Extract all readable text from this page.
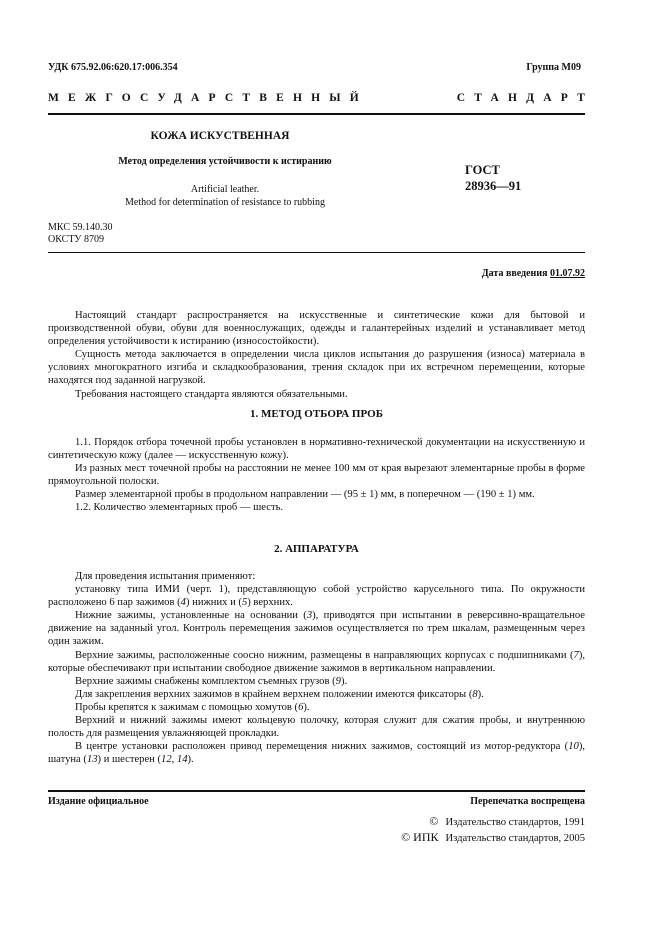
УДК 675.92.06:620.17:006.354	Группа М09
МЕЖГОСУДАРСТВЕННЫЙ	СТАНДАРТ
КОЖА ИСКУСТВЕННАЯ
Метод определения устойчивости к истиранию
Artificial leather.
Method for determination of resistance to rubbing
ГОСТ
28936—91
МКС 59.140.30
ОКСТУ 8709
Дата введения 01.07.92

Настоящий стандарт распространяется на искусственные и синтетические кожи для бытовой и производственной обуви, обуви для военнослужащих, одежды и галантерейных изделий и устанавливает метод определения устойчивости к истиранию (износостойкости).

Сущность метода заключается в определении числа циклов испытания до разрушения (износа) материала в условиях многократного изгиба и складкообразования, трения складок при их встречном перемещении, которые находятся под заданной нагрузкой.

Требования настоящего стандарта являются обязательными.

1. МЕТОД ОТБОРА ПРОБ

1.1. Порядок отбора точечной пробы установлен в нормативно-технической документации на искусственную и синтетическую кожу (далее — искусственную кожу).

Из разных мест точечной пробы на расстоянии не менее 100 мм от края вырезают элементарные пробы в форме прямоугольной полоски.

Размер элементарной пробы в продольном направлении — (95 ± 1) мм, в поперечном — (190 ± 1) мм.

1.2. Количество элементарных проб — шесть.

2. АППАРАТУРА

Для проведения испытания применяют:

установку типа ИМИ (черт. 1), представляющую собой устройство карусельного типа. По окружности расположено 6 пар зажимов (4) нижних и (5) верхних.

Нижние зажимы, установленные на основании (3), приводятся при испытании в реверсивно-вращательное движение на заданный угол. Контроль перемещения зажимов осуществляется по трем шкалам, размещенным через один зажим.

Верхние зажимы, расположенные соосно нижним, размещены в направляющих корпусах с подшипниками (7), которые обеспечивают при испытании свободное движение зажимов в вертикальном направлении.

Верхние зажимы снабжены комплектом съемных грузов (9).

Для закрепления верхних зажимов в крайнем верхнем положении имеются фиксаторы (8).

Пробы крепятся к зажимам с помощью хомутов (6).

Верхний и нижний зажимы имеют кольцевую полочку, которая служит для сжатия пробы, и внутреннюю полость для размещения увлажняющей прокладки.

В центре установки расположен привод перемещения нижних зажимов, состоящий из мотор-редуктора (10), шатуна (13) и шестерен (12, 14).

Издание официальное	Перепечатка воспрещена
© Издательство стандартов, 1991
© ИПК Издательство стандартов, 2005
